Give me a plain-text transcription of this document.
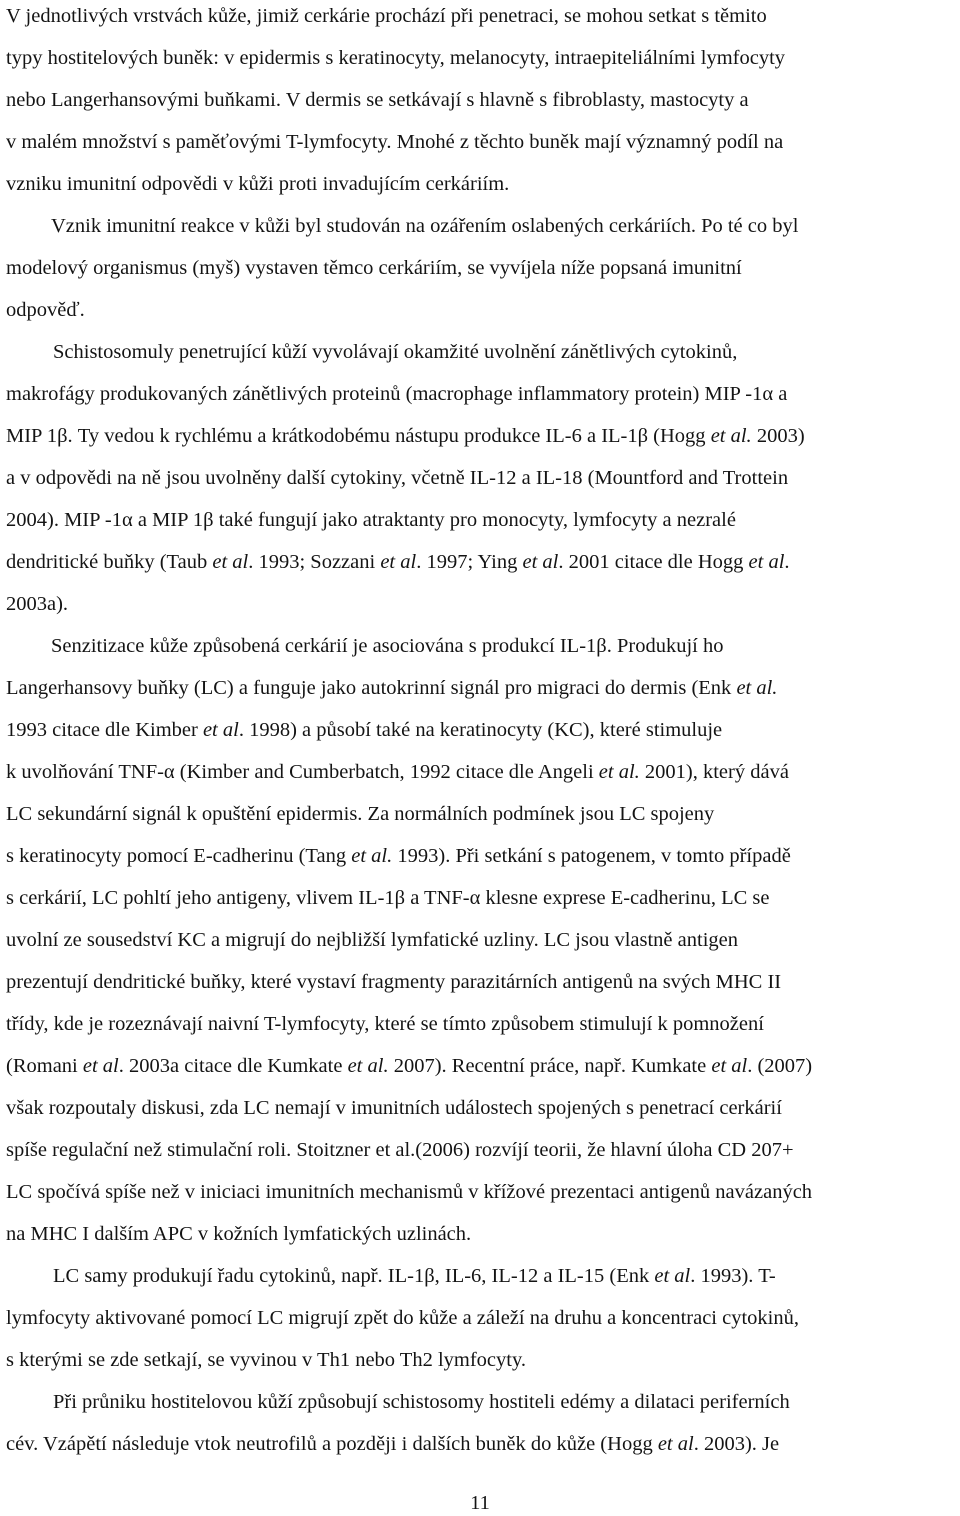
V jednotlivých vrstvách kůže, jimiž cerkárie prochází při penetraci, se mohou setkat s těmito
typy hostitelových buněk: v epidermis s keratinocyty, melanocyty, intraepiteliálními lymfocyty
nebo Langerhansovými buňkami. V dermis se setkávají s hlavně s fibroblasty, mastocyty a
v malém množství s paměťovými T-lymfocyty. Mnohé z těchto buněk mají významný podíl na
vzniku imunitní odpovědi v kůži proti invadujícím cerkáriím.
Vznik imunitní reakce v kůži byl studován na ozářením oslabených cerkáriích. Po té co byl
modelový organismus (myš) vystaven těmco cerkáriím, se vyvíjela níže popsaná imunitní
odpověď.
Schistosomuly penetrující kůží vyvolávají okamžité uvolnění zánětlivých cytokinů,
makrofágy produkovaných zánětlivých proteinů (macrophage inflammatory protein) MIP -1α a
MIP 1β. Ty vedou k rychlému a krátkodobému nástupu produkce IL-6 a IL-1β (Hogg et al. 2003)
a v odpovědi na ně jsou uvolněny další cytokiny, včetně IL-12 a IL-18 (Mountford and Trottein
2004). MIP -1α a MIP 1β také fungují jako atraktanty pro monocyty, lymfocyty a nezralé
dendritické buňky (Taub et al. 1993; Sozzani et al. 1997; Ying et al. 2001 citace dle Hogg et al.
2003a).
Senzitizace kůže způsobená cerkárií je asociována s produkcí IL-1β. Produkují ho
Langerhansovy buňky (LC) a funguje jako autokrinní signál pro migraci do dermis (Enk et al.
1993 citace dle Kimber et al. 1998) a působí také na keratinocyty (KC), které stimuluje
k uvolňování TNF-α (Kimber and Cumberbatch, 1992 citace dle Angeli et al. 2001), který dává
LC sekundární signál k opuštění epidermis. Za normálních podmínek jsou LC spojeny
s keratinocyty pomocí E-cadherinu (Tang et al. 1993). Při setkání s patogenem, v tomto případě
s cerkárií, LC pohltí jeho antigeny, vlivem IL-1β a TNF-α klesne exprese E-cadherinu, LC se
uvolní ze sousedství KC a migrují do nejbližší lymfatické uzliny. LC jsou vlastně antigen
prezentují dendritické buňky, které vystaví fragmenty parazitárních antigenů na svých MHC II
třídy, kde je rozeznávají naivní T-lymfocyty, které se tímto způsobem stimulují k pomnožení
(Romani et al. 2003a citace dle Kumkate et al. 2007). Recentní práce, např. Kumkate et al. (2007)
však rozpoutaly diskusi, zda LC nemají v imunitních událostech spojených s penetrací cerkárií
spíše regulační než stimulační roli. Stoitzner et al.(2006) rozvíjí teorii, že hlavní úloha CD 207+
LC spočívá spíše než v iniciaci imunitních mechanismů v křížové prezentaci antigenů navázaných
na MHC I dalším APC v kožních lymfatických uzlinách.
LC samy produkují řadu cytokinů, např. IL-1β, IL-6, IL-12 a IL-15 (Enk et al. 1993). T-
lymfocyty aktivované pomocí LC migrují zpět do kůže a záleží na druhu a koncentraci cytokinů,
s kterými se zde setkají, se vyvinou v Th1 nebo Th2 lymfocyty.
Při průniku hostitelovou kůží způsobují schistosomy hostiteli edémy a dilataci periferních
cév. Vzápětí následuje vtok neutrofilů a později i dalších buněk do kůže (Hogg et al. 2003). Je
11
